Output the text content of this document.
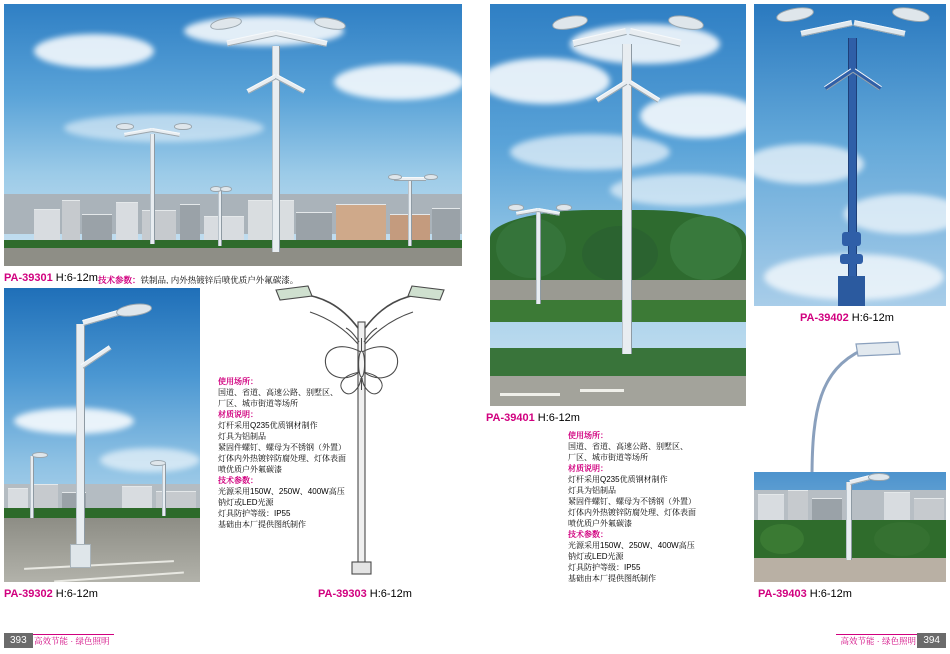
PA-39301 H:6-12m 技术参数：铁制品, 内外热镀锌后喷优质户外氟碳漆。
PA-39302 H:6-12m	PA-39303 H:6-12m
使用场所：
国道、省道、高速公路、别墅区、
厂区、城市街道等场所
材质说明：
灯杆采用Q235优质钢材制作
灯具为铝制品
紧固件螺钉、螺母为不锈钢（外置）
灯体内外热镀锌防腐处理、灯体表面
喷优质户外氟碳漆
技术参数：
光源采用150W、250W、400W高压
钠灯或LED光源
灯具防护等级：IP55
基础由本厂提供图纸制作
PA-39401 H:6-12m
PA-39402 H:6-12m
PA-39403 H:6-12m
使用场所：
国道、省道、高速公路、别墅区、
厂区、城市街道等场所
材质说明：
灯杆采用Q235优质钢材制作
灯具为铝制品
紧固件螺钉、螺母为不锈钢（外置）
灯体内外热镀锌防腐处理、灯体表面
喷优质户外氟碳漆
技术参数：
光源采用150W、250W、400W高压
钠灯或LED光源
灯具防护等级：IP55
基础由本厂提供图纸制作
393 高效节能 · 绿色照明	394
高效节能 · 绿色照明
